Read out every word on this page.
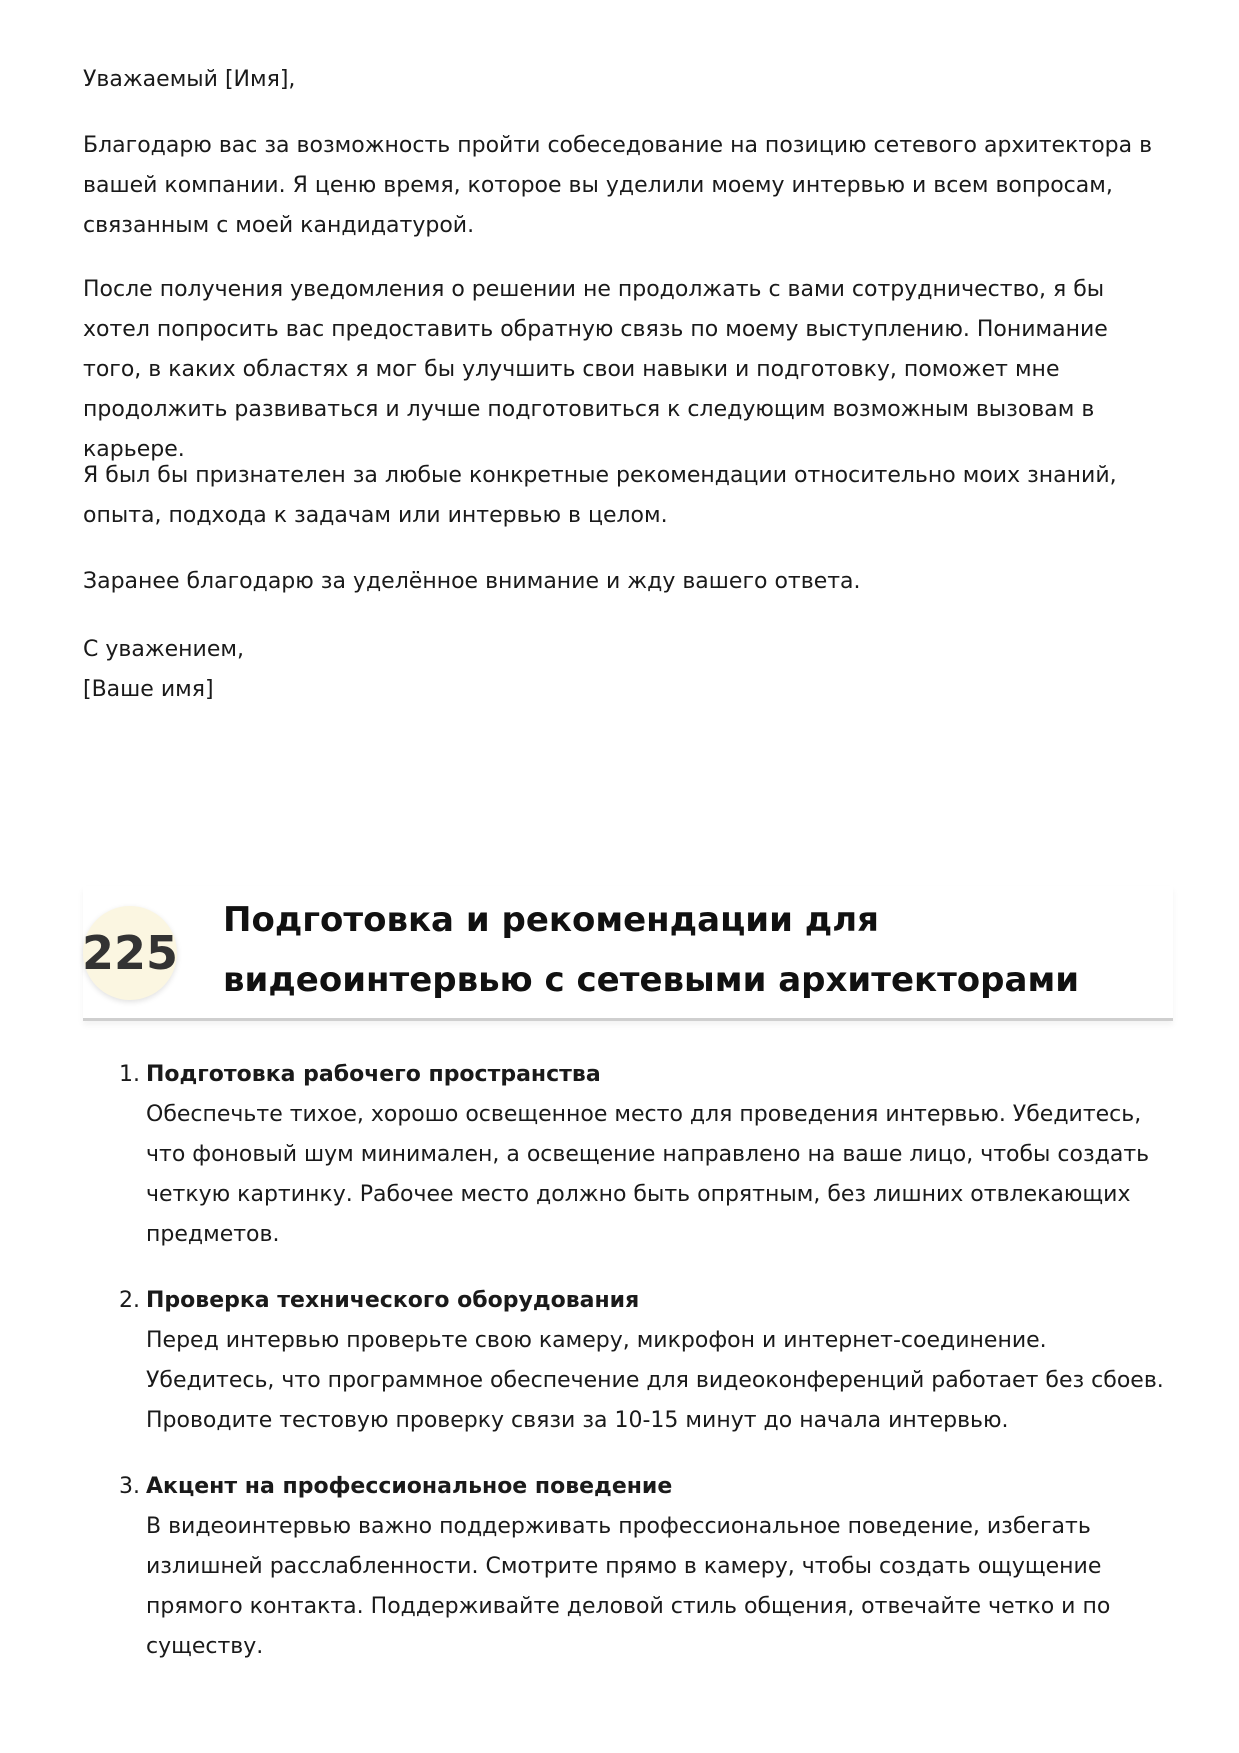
Уважаемый [Имя],

Благодарю вас за возможность пройти собеседование на позицию сетевого архитектора в вашей компании. Я ценю время, которое вы уделили моему интервью и всем вопросам, связанным с моей кандидатурой.

После получения уведомления о решении не продолжать с вами сотрудничество, я бы хотел попросить вас предоставить обратную связь по моему выступлению. Понимание того, в каких областях я мог бы улучшить свои навыки и подготовку, поможет мне продолжить развиваться и лучше подготовиться к следующим возможным вызовам в карьере.

Я был бы признателен за любые конкретные рекомендации относительно моих знаний, опыта, подхода к задачам или интервью в целом.

Заранее благодарю за уделённое внимание и жду вашего ответа.

С уважением,
[Ваше имя]

225
Подготовка и рекомендации для видеоинтервью с сетевыми архитекторами
1. Подготовка рабочего пространства
Обеспечьте тихое, хорошо освещенное место для проведения интервью. Убедитесь, что фоновый шум минимален, а освещение направлено на ваше лицо, чтобы создать четкую картинку. Рабочее место должно быть опрятным, без лишних отвлекающих предметов.
2. Проверка технического оборудования
Перед интервью проверьте свою камеру, микрофон и интернет-соединение. Убедитесь, что программное обеспечение для видеоконференций работает без сбоев. Проводите тестовую проверку связи за 10-15 минут до начала интервью.
3. Акцент на профессиональное поведение
В видеоинтервью важно поддерживать профессиональное поведение, избегать излишней расслабленности. Смотрите прямо в камеру, чтобы создать ощущение прямого контакта. Поддерживайте деловой стиль общения, отвечайте четко и по существу.
